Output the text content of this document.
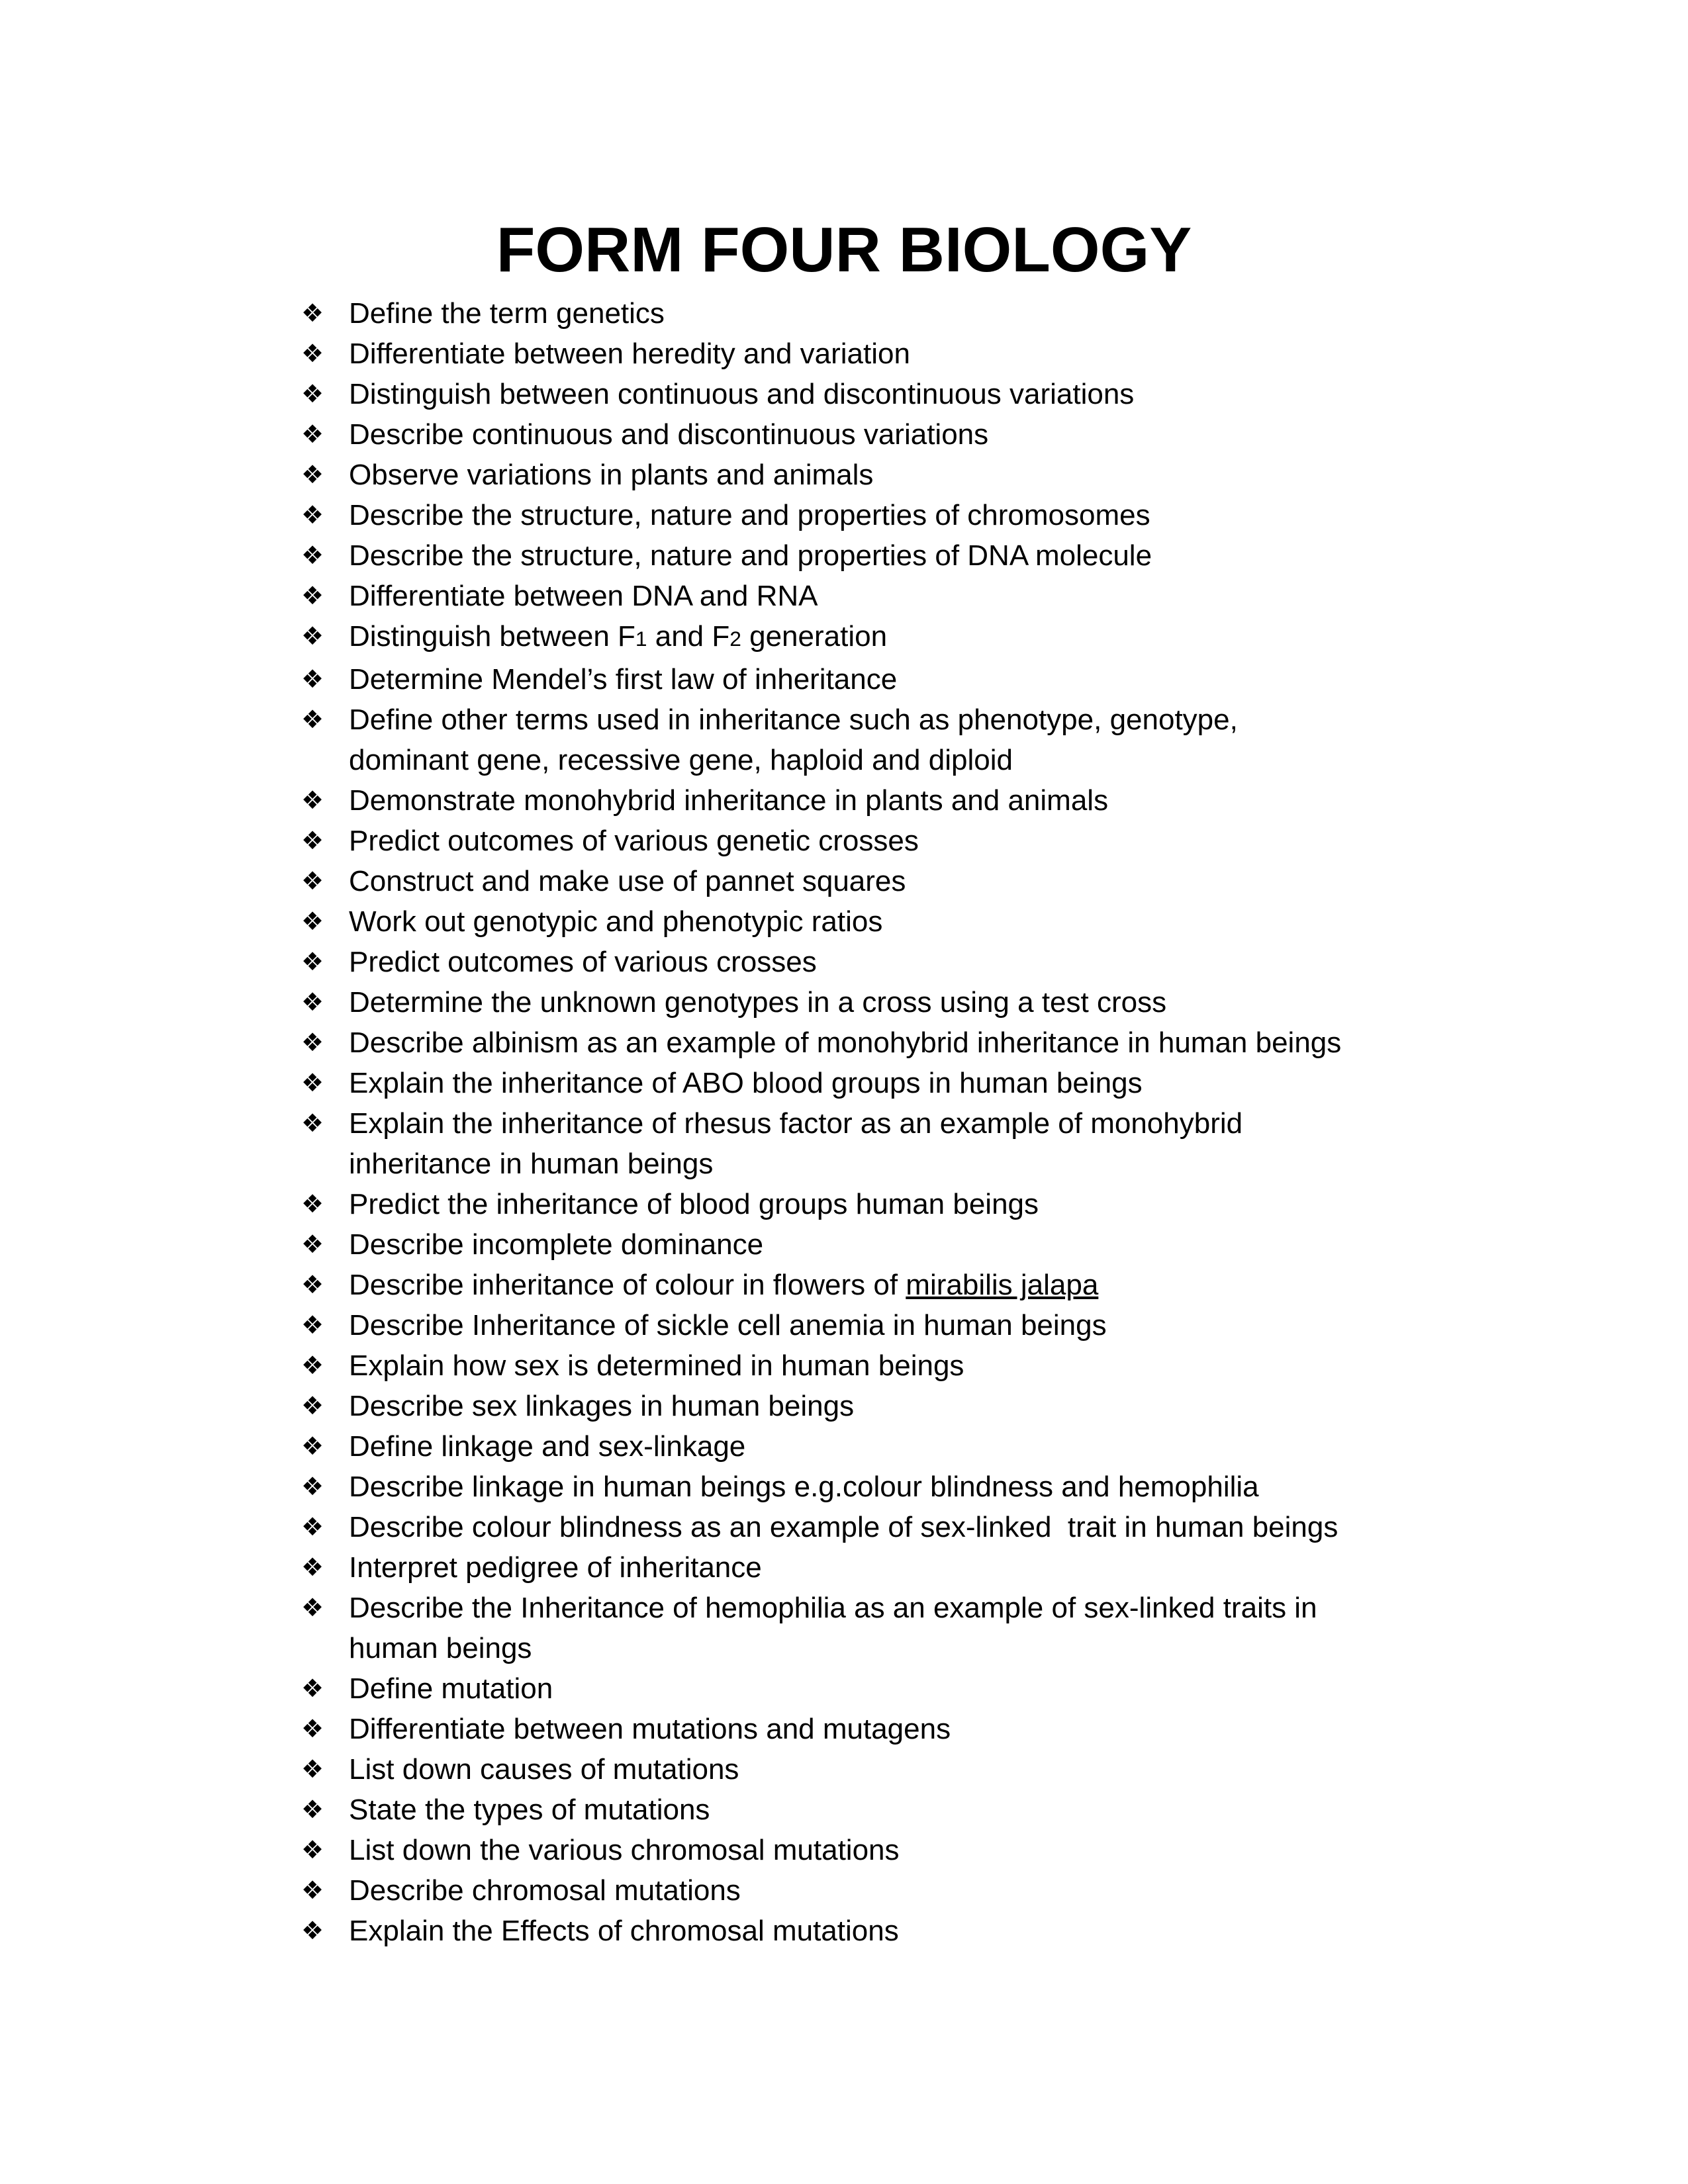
FORM FOUR BIOLOGY
❖ Define the term genetics
❖ Differentiate between heredity and variation
❖ Distinguish between continuous and discontinuous variations
❖ Describe continuous and discontinuous variations
❖ Observe variations in plants and animals
❖ Describe the structure, nature and properties of chromosomes
❖ Describe the structure, nature and properties of DNA molecule
❖ Differentiate between DNA and RNA
❖ Distinguish between F1 and F2 generation
❖ Determine Mendel’s first law of inheritance
❖ Define other terms used in inheritance such as phenotype, genotype,
dominant gene, recessive gene, haploid and diploid
❖ Demonstrate monohybrid inheritance in plants and animals
❖ Predict outcomes of various genetic crosses
❖ Construct and make use of pannet squares
❖ Work out genotypic and phenotypic ratios
❖ Predict outcomes of various crosses
❖ Determine the unknown genotypes in a cross using a test cross
❖ Describe albinism as an example of monohybrid inheritance in human beings
❖ Explain the inheritance of ABO blood groups in human beings
❖ Explain the inheritance of rhesus factor as an example of monohybrid
inheritance in human beings
❖ Predict the inheritance of blood groups human beings
❖ Describe incomplete dominance
❖ Describe inheritance of colour in flowers of mirabilis jalapa
❖ Describe Inheritance of sickle cell anemia in human beings
❖ Explain how sex is determined in human beings
❖ Describe sex linkages in human beings
❖ Define linkage and sex-linkage
❖ Describe linkage in human beings e.g.colour blindness and hemophilia
❖ Describe colour blindness as an example of sex-linked  trait in human beings
❖ Interpret pedigree of inheritance
❖ Describe the Inheritance of hemophilia as an example of sex-linked traits in
human beings
❖ Define mutation
❖ Differentiate between mutations and mutagens
❖ List down causes of mutations
❖ State the types of mutations
❖ List down the various chromosal mutations
❖ Describe chromosal mutations
❖ Explain the Effects of chromosal mutations
